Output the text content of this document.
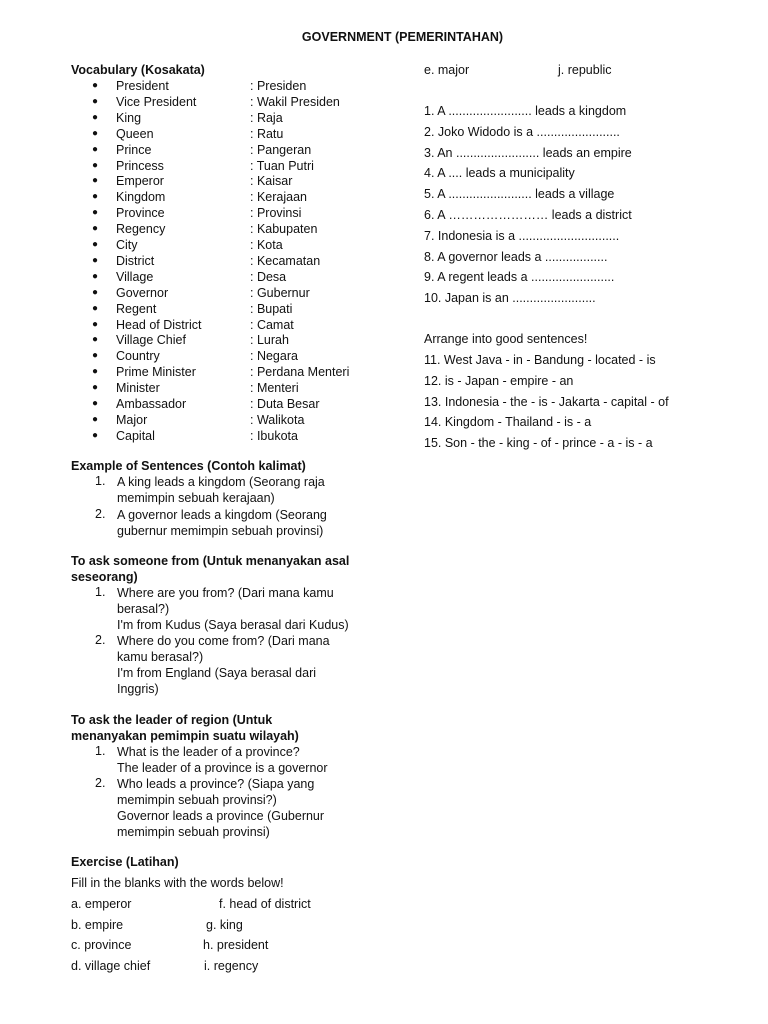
GOVERNMENT (PEMERINTAHAN)
Vocabulary (Kosakata)
● President	: Presiden
● Vice President	: Wakil Presiden
● King	: Raja
● Queen	: Ratu
● Prince	: Pangeran
● Princess	: Tuan Putri
● Emperor	: Kaisar
● Kingdom	: Kerajaan
● Province	: Provinsi
● Regency	: Kabupaten
● City	: Kota
● District	: Kecamatan
● Village	: Desa
● Governor	: Gubernur
● Regent	: Bupati
● Head of District	: Camat
● Village Chief	: Lurah
● Country	: Negara
● Prime Minister	: Perdana Menteri
● Minister	: Menteri
● Ambassador	: Duta Besar
● Major	: Walikota
● Capital	: Ibukota
Example of Sentences (Contoh kalimat)
1. A king leads a kingdom (Seorang raja memimpin sebuah kerajaan)
2. A governor leads a kingdom (Seorang gubernur memimpin sebuah provinsi)
To ask someone from (Untuk menanyakan asal seseorang)
1. Where are you from? (Dari mana kamu berasal?)
I'm from Kudus (Saya berasal dari Kudus)
2. Where do you come from? (Dari mana kamu berasal?)
I'm from England (Saya berasal dari Inggris)
To ask the leader of region (Untuk menanyakan pemimpin suatu wilayah)
1. What is the leader of a province?
The leader of a province is a governor
2. Who leads a province? (Siapa yang memimpin sebuah provinsi?)
Governor leads a province (Gubernur memimpin sebuah provinsi)
Exercise (Latihan)
Fill in the blanks with the words below!
a. emperor	f. head of district
b. empire	g. king
c. province	h. president
d. village chief	i. regency
e. major	j. republic
1. A ........................ leads a kingdom
2. Joko Widodo is a ........................
3. An ........................ leads an empire
4. A .... leads a municipality
5. A ........................ leads a village
6. A …………………… leads a district
7. Indonesia is a .............................
8. A governor leads a ..................
9. A regent leads a ........................
10. Japan is an ........................
Arrange into good sentences!
11. West Java - in - Bandung - located - is
12. is - Japan - empire - an
13. Indonesia - the - is - Jakarta - capital - of
14. Kingdom - Thailand - is - a
15. Son - the - king - of - prince - a - is - a
